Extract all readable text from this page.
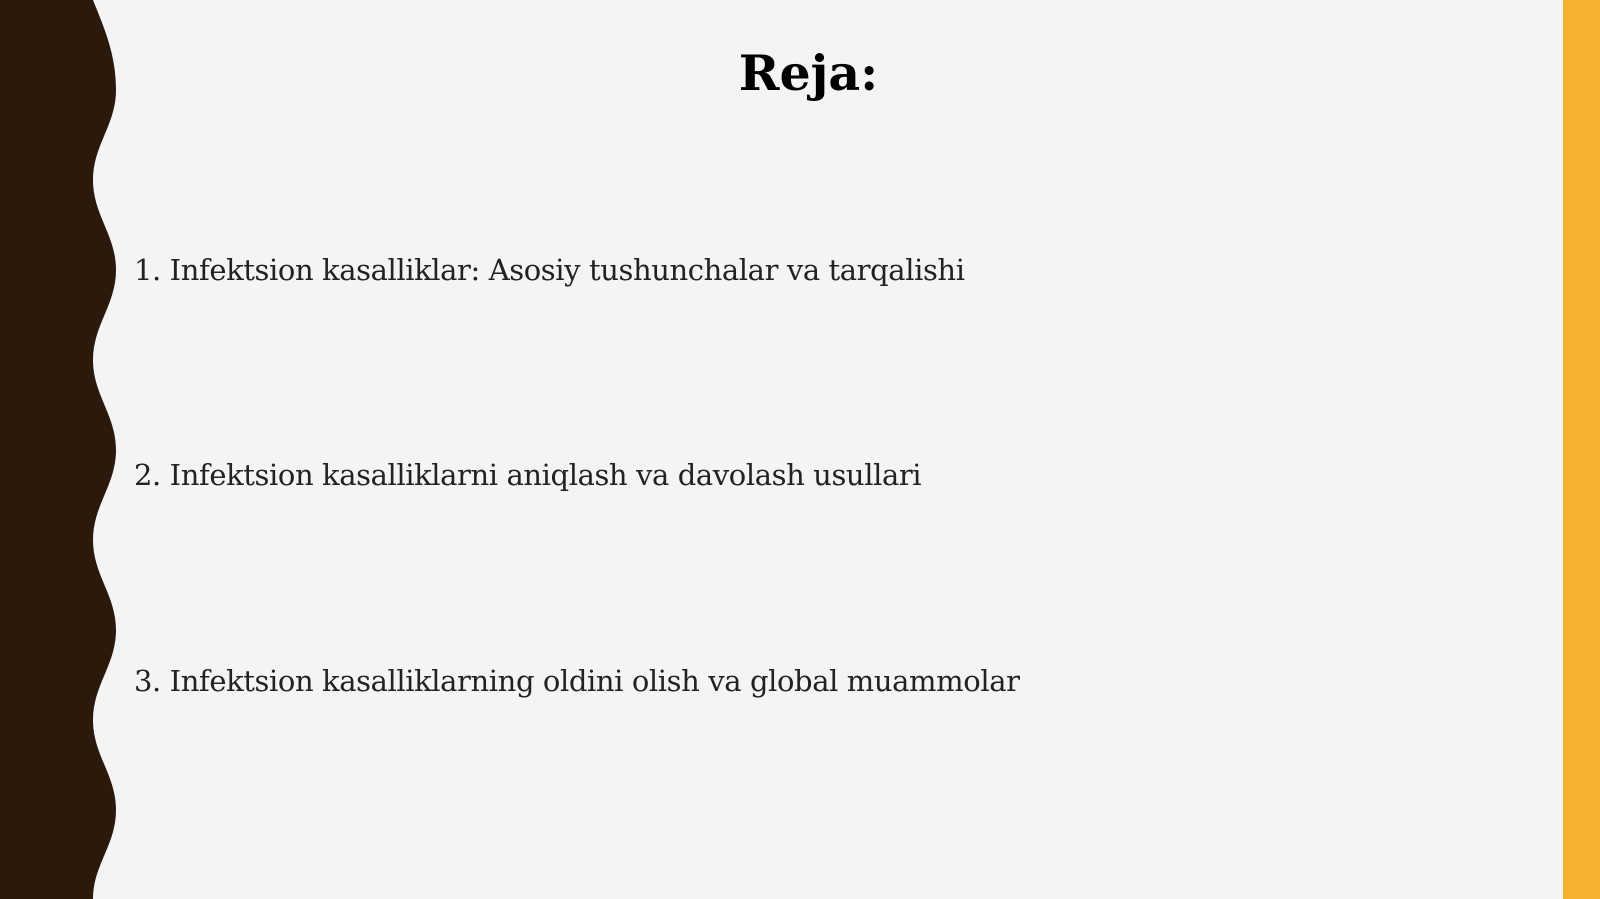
Reja:
1. Infektsion kasalliklar: Asosiy tushunchalar va tarqalishi
2. Infektsion kasalliklarni aniqlash va davolash usullari
3. Infektsion kasalliklarning oldini olish va global muammolar
